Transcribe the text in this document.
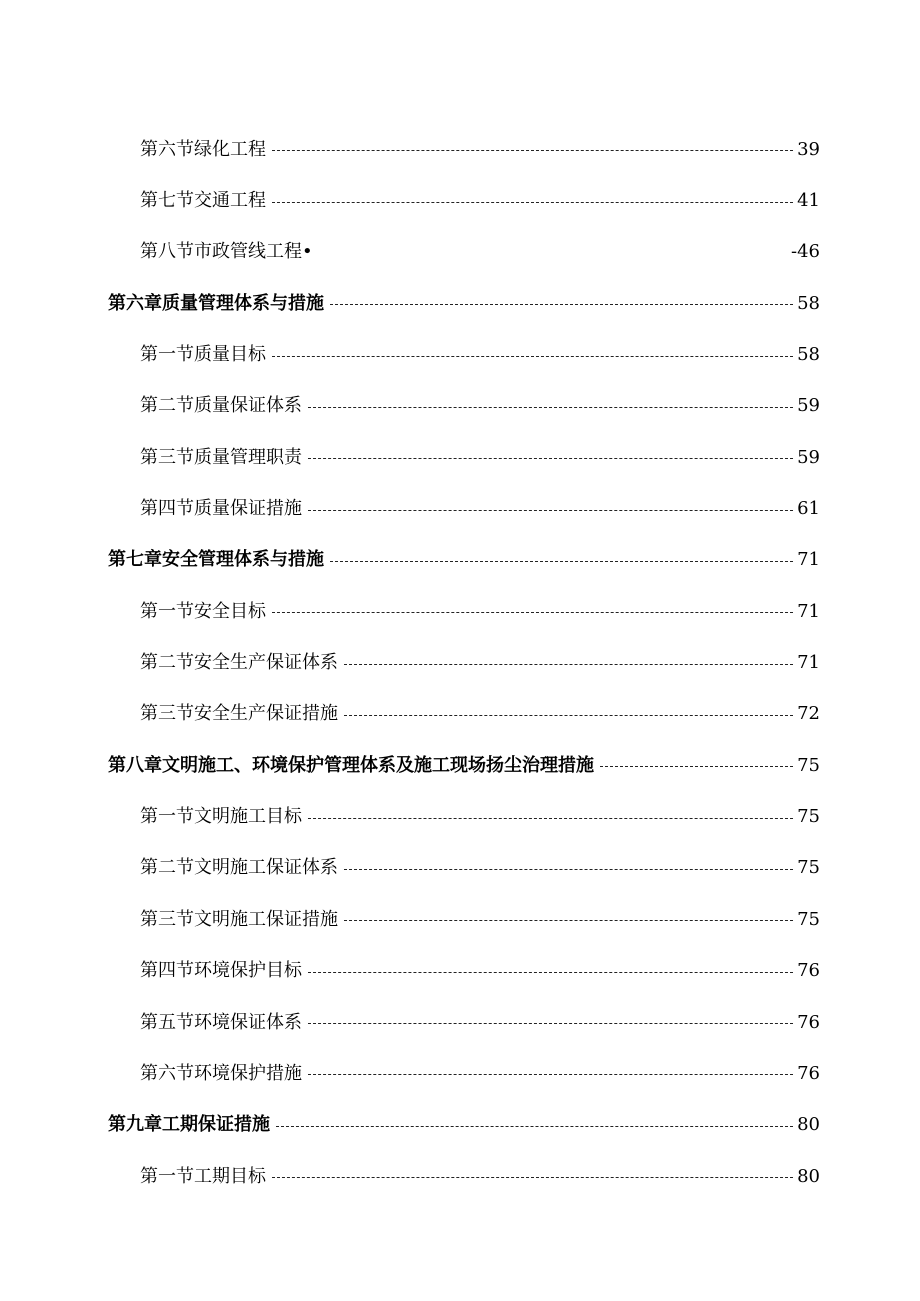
第六节绿化工程	39
第七节交通工程	41
第八节市政管线工程•	-46
第六章质量管理体系与措施	58
第一节质量目标	58
第二节质量保证体系	59
第三节质量管理职责	59
第四节质量保证措施	61
第七章安全管理体系与措施	71
第一节安全目标	71
第二节安全生产保证体系	71
第三节安全生产保证措施	72
第八章文明施工、环境保护管理体系及施工现场扬尘治理措施	75
第一节文明施工目标	75
第二节文明施工保证体系	75
第三节文明施工保证措施	75
第四节环境保护目标	76
第五节环境保证体系	76
第六节环境保护措施	76
第九章工期保证措施	80
第一节工期目标	80
